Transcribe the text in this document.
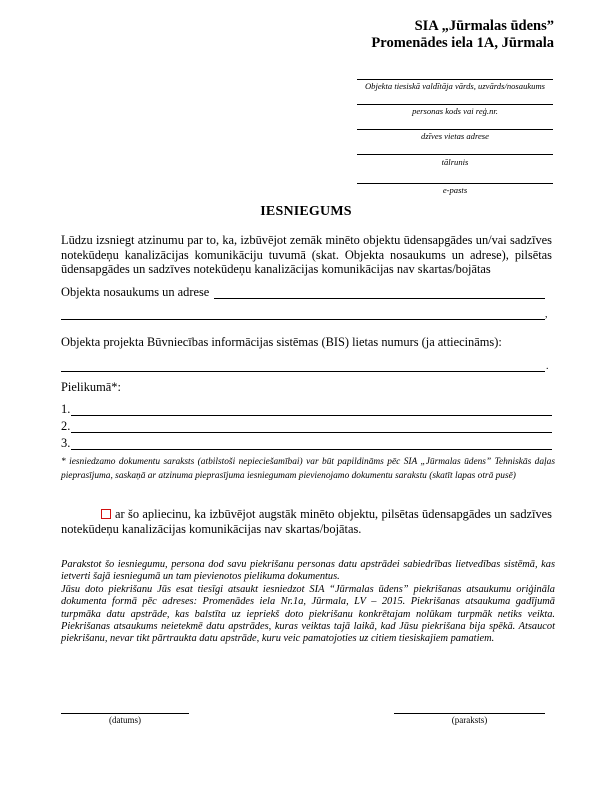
SIA „Jūrmalas ūdens”
Promenādes iela 1A, Jūrmala
Objekta tiesiskā valdītāja vārds, uzvārds/nosaukums
personas kods vai reģ.nr.
dzīves vietas adrese
tālrunis
e-pasts
IESNIEGUMS
Lūdzu izsniegt atzinumu par to, ka, izbūvējot zemāk minēto objektu ūdensapgādes un/vai sadzīves notekūdeņu kanalizācijas komunikāciju tuvumā (skat. Objekta nosaukums un adrese), pilsētas ūdensapgādes un sadzīves notekūdeņu kanalizācijas komunikācijas nav skartas/bojātas
Objekta nosaukums un adrese
,
Objekta projekta Būvniecības informācijas sistēmas (BIS) lietas numurs (ja attiecināms):
.
Pielikumā*:
1.
2.
3.
* iesniedzamo dokumentu saraksts (atbilstoši nepieciešamībai) var būt papildināms pēc SIA „Jūrmalas ūdens” Tehniskās daļas pieprasījuma, saskaņā ar atzinuma pieprasījuma iesniegumam pievienojamo dokumentu sarakstu (skatīt lapas otrā pusē)
ar šo apliecinu, ka izbūvējot augstāk minēto objektu, pilsētas ūdensapgādes un sadzīves notekūdeņu kanalizācijas komunikācijas nav skartas/bojātas.
Parakstot šo iesniegumu, persona dod savu piekrišanu personas datu apstrādei sabiedrības lietvedības sistēmā, kas ietverti šajā iesniegumā un tam pievienotos pielikuma dokumentus.
Jūsu doto piekrišanu Jūs esat tiesīgi atsaukt iesniedzot SIA “Jūrmalas ūdens” piekrišanas atsaukumu oriģināla dokumenta formā pēc adreses: Promenādes iela Nr.1a, Jūrmala, LV – 2015. Piekrišanas atsaukuma gadījumā turpmāka datu apstrāde, kas balstīta uz iepriekš doto piekrišanu konkrētajam nolūkam turpmāk netiks veikta. Piekrišanas atsaukums neietekmē datu apstrādes, kuras veiktas tajā laikā, kad Jūsu piekrišana bija spēkā. Atsaucot piekrišanu, nevar tikt pārtraukta datu apstrāde, kuru veic pamatojoties uz citiem tiesiskajiem pamatiem.
(datums)	(paraksts)
